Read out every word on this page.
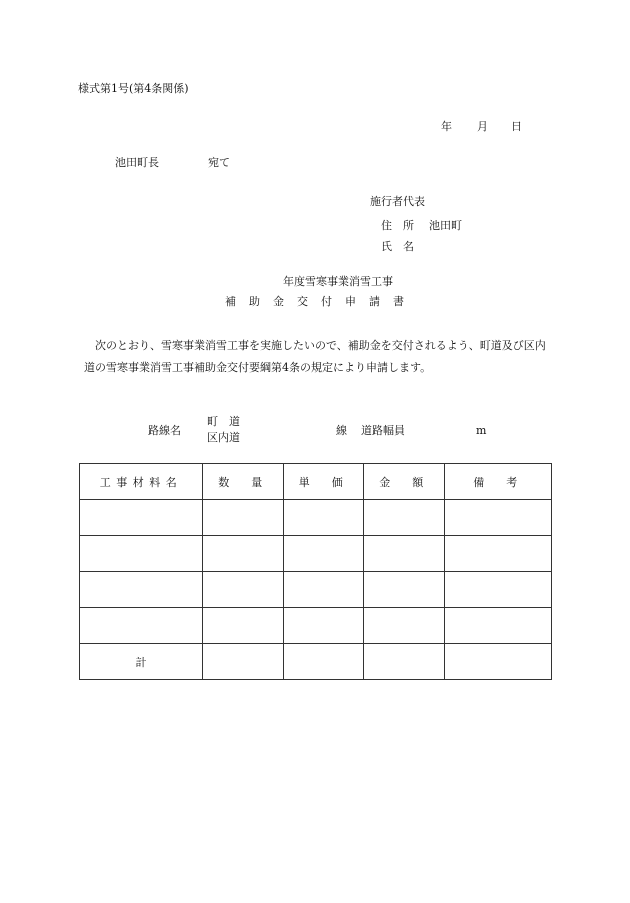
様式第1号(第4条関係)
年 月 日
池田町長	宛て
施行者代表
住　所 池田町
氏　名
年度雪寒事業消雪工事
補 助 金 交 付 申 請 書
次のとおり、雪寒事業消雪工事を実施したいので、補助金を交付されるよう、町道及び区内道の雪寒事業消雪工事補助金交付要綱第4条の規定により申請します。
路線名
町　道
区内道
線 道路幅員	m
工事材料名	数　量	単　価	金　額	備　考

計				
